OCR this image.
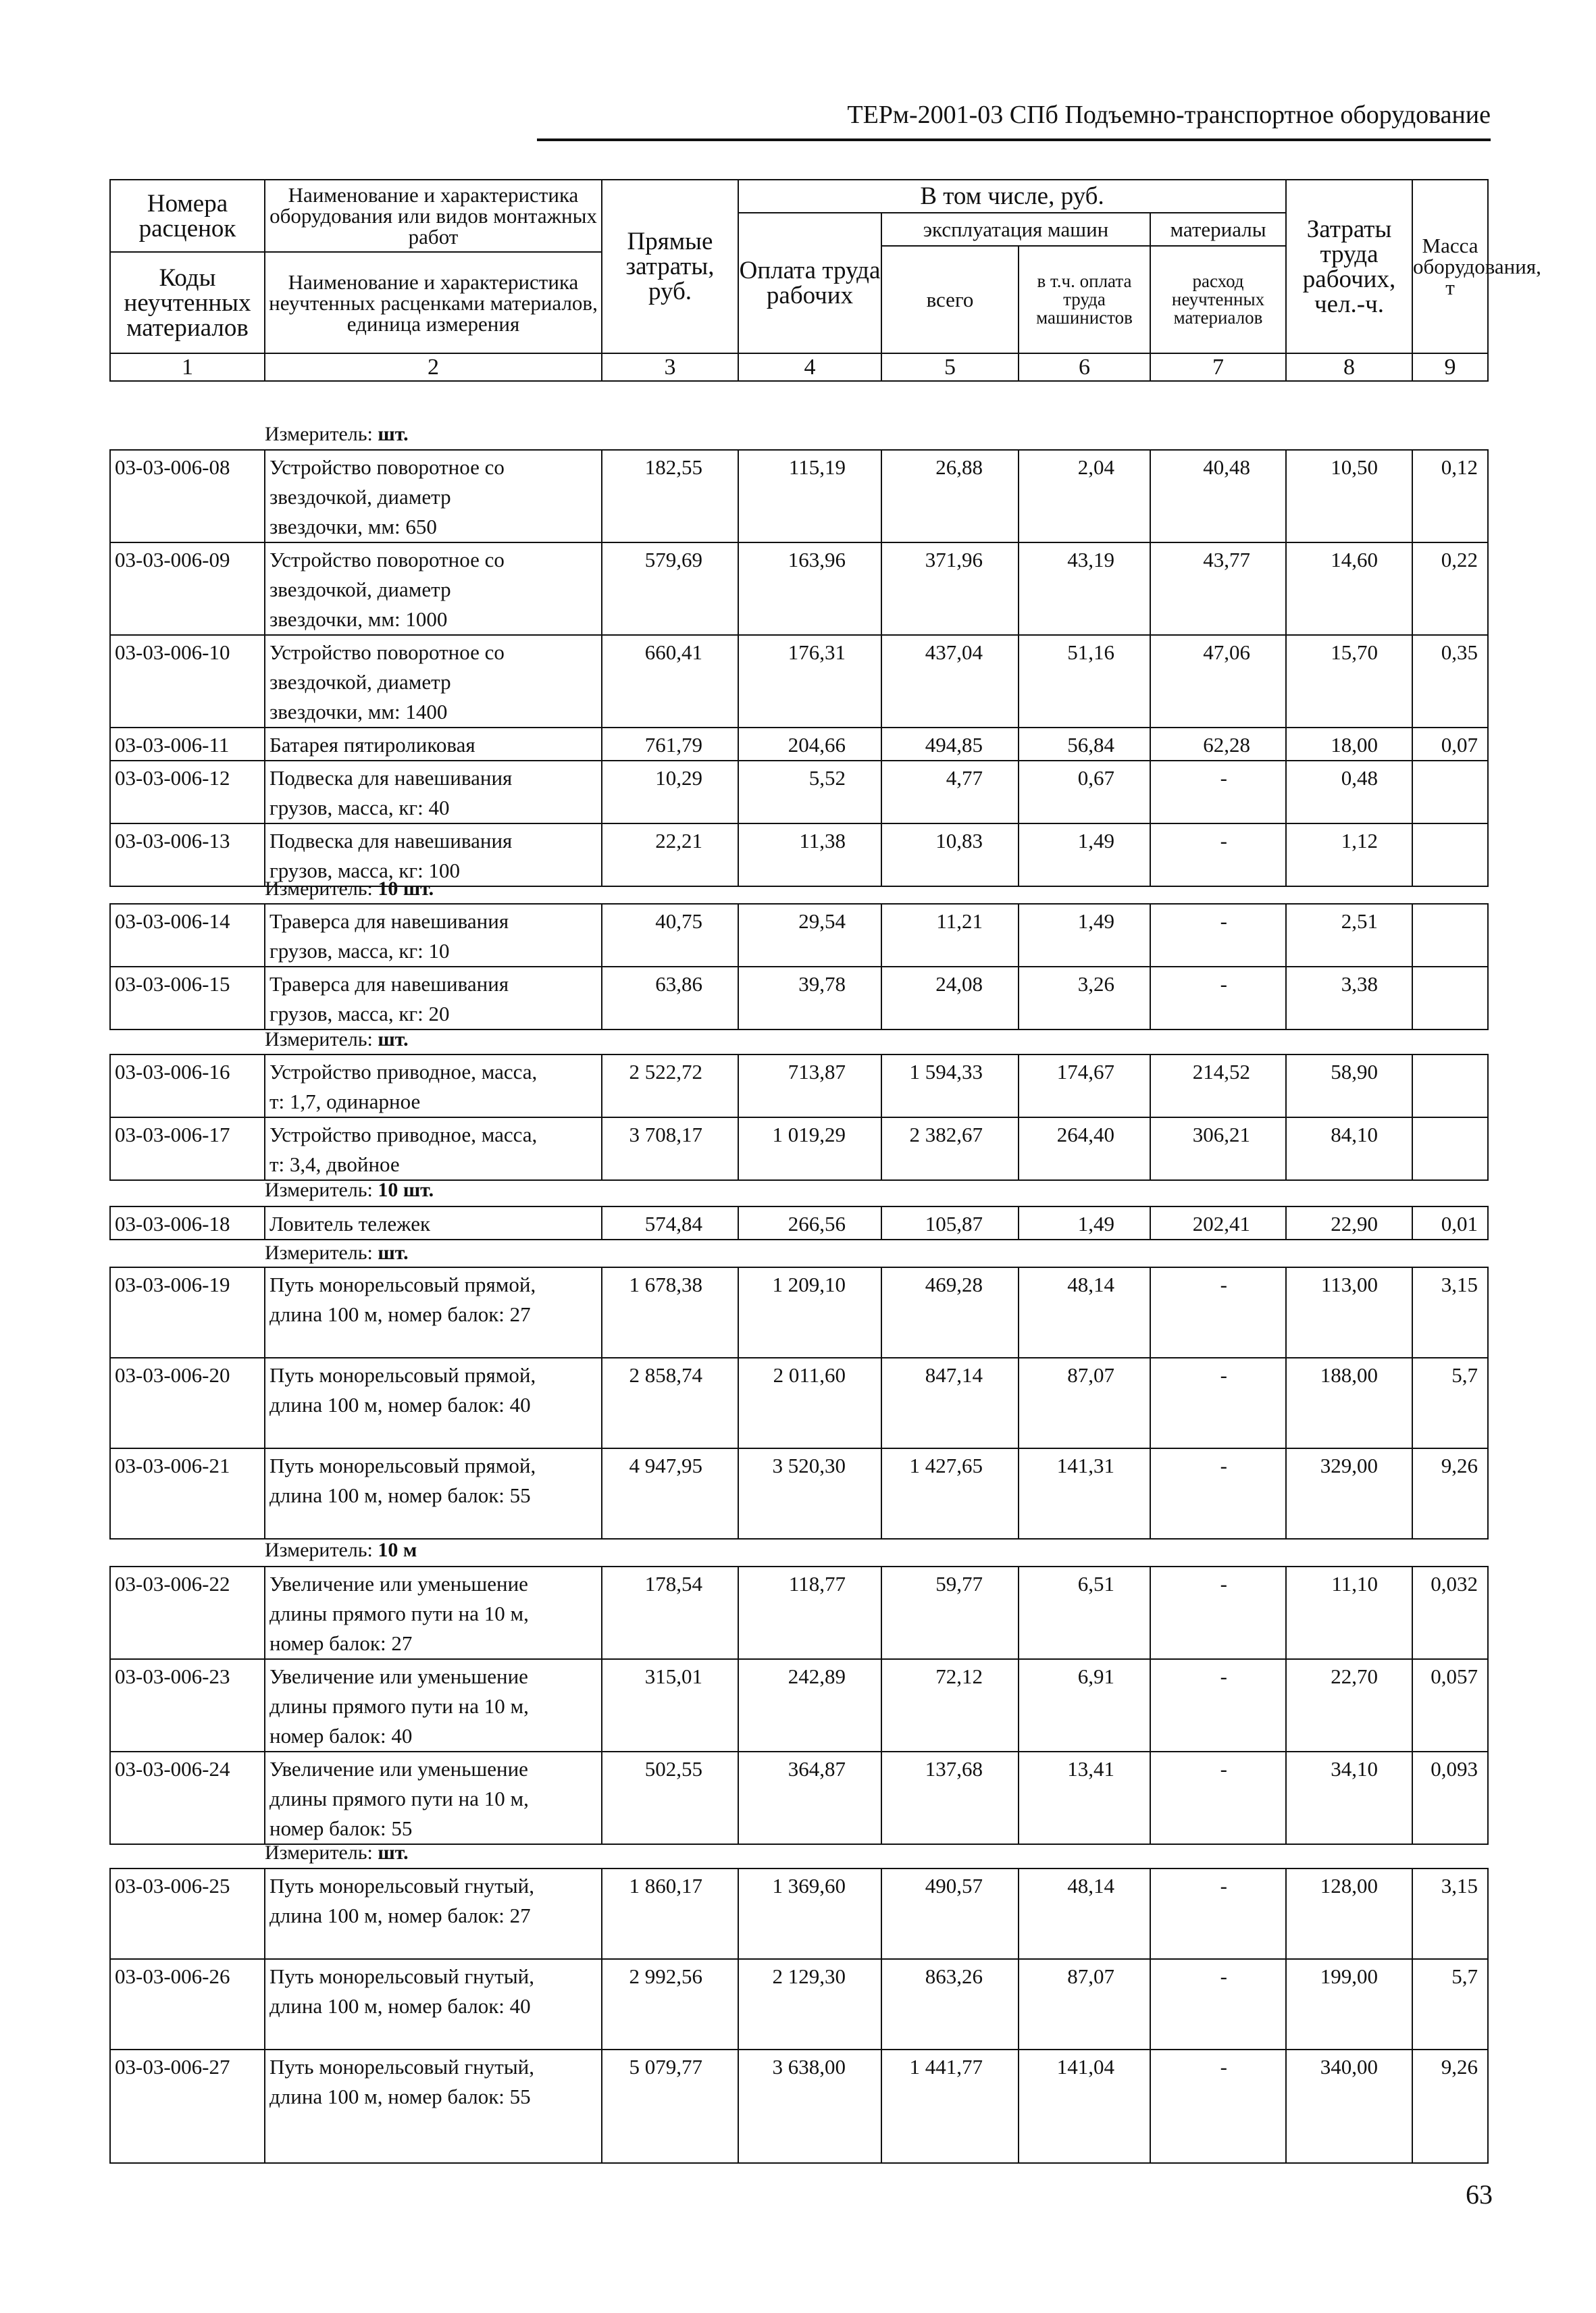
ТЕРм-2001-03 СПб Подъемно-транспортное оборудование
Номера расценок	Наименование и характеристика оборудования или видов монтажных работ	Прямые затраты, руб.	В том числе, руб.				Затраты труда рабочих, чел.-ч.	Масса оборудования, т
			Оплата труда рабочих	эксплуатация машин		материалы		
				всего	в т.ч. оплата труда машинистов	расход неучтенных материалов		
Коды неучтенных материалов	Наименование и характеристика неучтенных расценками материалов, единица измерения							

1	2	3	4	5	6	7	8	9
Измеритель: шт.
03-03-006-08	Устройство поворотное со
звездочкой, диаметр
звездочки, мм: 650	182,55	115,19	26,88	2,04	40,48	10,50	0,12
03-03-006-09	Устройство поворотное со
звездочкой, диаметр
звездочки, мм: 1000	579,69	163,96	371,96	43,19	43,77	14,60	0,22
03-03-006-10	Устройство поворотное со
звездочкой, диаметр
звездочки, мм: 1400	660,41	176,31	437,04	51,16	47,06	15,70	0,35
03-03-006-11	Батарея пятироликовая	761,79	204,66	494,85	56,84	62,28	18,00	0,07
03-03-006-12	Подвеска для навешивания
грузов, масса, кг: 40	10,29	5,52	4,77	0,67	-	0,48	
03-03-006-13	Подвеска для навешивания
грузов, масса, кг: 100	22,21	11,38	10,83	1,49	-	1,12	
Измеритель: 10 шт.
03-03-006-14	Траверса для навешивания
грузов, масса, кг: 10	40,75	29,54	11,21	1,49	-	2,51	
03-03-006-15	Траверса для навешивания
грузов, масса, кг: 20	63,86	39,78	24,08	3,26	-	3,38	
Измеритель: шт.
03-03-006-16	Устройство приводное, масса,
т: 1,7, одинарное	2 522,72	713,87	1 594,33	174,67	214,52	58,90	
03-03-006-17	Устройство приводное, масса,
т: 3,4, двойное	3 708,17	1 019,29	2 382,67	264,40	306,21	84,10	
Измеритель: 10 шт.
03-03-006-18	Ловитель тележек	574,84	266,56	105,87	1,49	202,41	22,90	0,01
Измеритель: шт.
03-03-006-19	Путь монорельсовый прямой,
длина 100 м, номер балок: 27	1 678,38	1 209,10	469,28	48,14	-	113,00	3,15
03-03-006-20	Путь монорельсовый прямой,
длина 100 м, номер балок: 40	2 858,74	2 011,60	847,14	87,07	-	188,00	5,7
03-03-006-21	Путь монорельсовый прямой,
длина 100 м, номер балок: 55	4 947,95	3 520,30	1 427,65	141,31	-	329,00	9,26
Измеритель: 10 м
03-03-006-22	Увеличение или уменьшение
длины прямого пути на 10 м,
номер балок: 27	178,54	118,77	59,77	6,51	-	11,10	0,032
03-03-006-23	Увеличение или уменьшение
длины прямого пути на 10 м,
номер балок: 40	315,01	242,89	72,12	6,91	-	22,70	0,057
03-03-006-24	Увеличение или уменьшение
длины прямого пути на 10 м,
номер балок: 55	502,55	364,87	137,68	13,41	-	34,10	0,093
Измеритель: шт.
03-03-006-25	Путь монорельсовый гнутый,
длина 100 м, номер балок: 27	1 860,17	1 369,60	490,57	48,14	-	128,00	3,15
03-03-006-26	Путь монорельсовый гнутый,
длина 100 м, номер балок: 40	2 992,56	2 129,30	863,26	87,07	-	199,00	5,7
03-03-006-27	Путь монорельсовый гнутый,
длина 100 м, номер балок: 55	5 079,77	3 638,00	1 441,77	141,04	-	340,00	9,26
63
